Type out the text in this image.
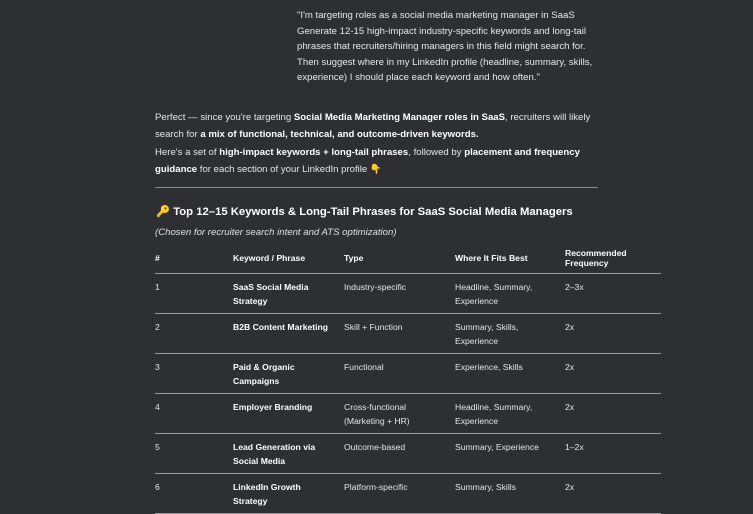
"I'm targeting roles as a social media marketing manager in SaaS
Generate 12-15 high-impact industry-specific keywords and long-tail
phrases that recruiters/hiring managers in this field might search for.
Then suggest where in my LinkedIn profile (headline, summary, skills,
experience) I should place each keyword and how often."

Perfect — since you're targeting Social Media Marketing Manager roles in SaaS, recruiters will likely search for a mix of functional, technical, and outcome-driven keywords.

Here's a set of high-impact keywords + long-tail phrases, followed by placement and frequency guidance for each section of your LinkedIn profile 👇

🔑 Top 12–15 Keywords & Long-Tail Phrases for SaaS Social Media Managers
(Chosen for recruiter search intent and ATS optimization)
#	Keyword / Phrase	Type	Where It Fits Best	Recommended Frequency
1	SaaS Social Media Strategy	Industry-specific	Headline, Summary, Experience	2–3x
2	B2B Content Marketing	Skill + Function	Summary, Skills, Experience	2x
3	Paid & Organic Campaigns	Functional	Experience, Skills	2x
4	Employer Branding	Cross-functional (Marketing + HR)	Headline, Summary, Experience	2x
5	Lead Generation via Social Media	Outcome-based	Summary, Experience	1–2x
6	LinkedIn Growth Strategy	Platform-specific	Summary, Skills	2x
